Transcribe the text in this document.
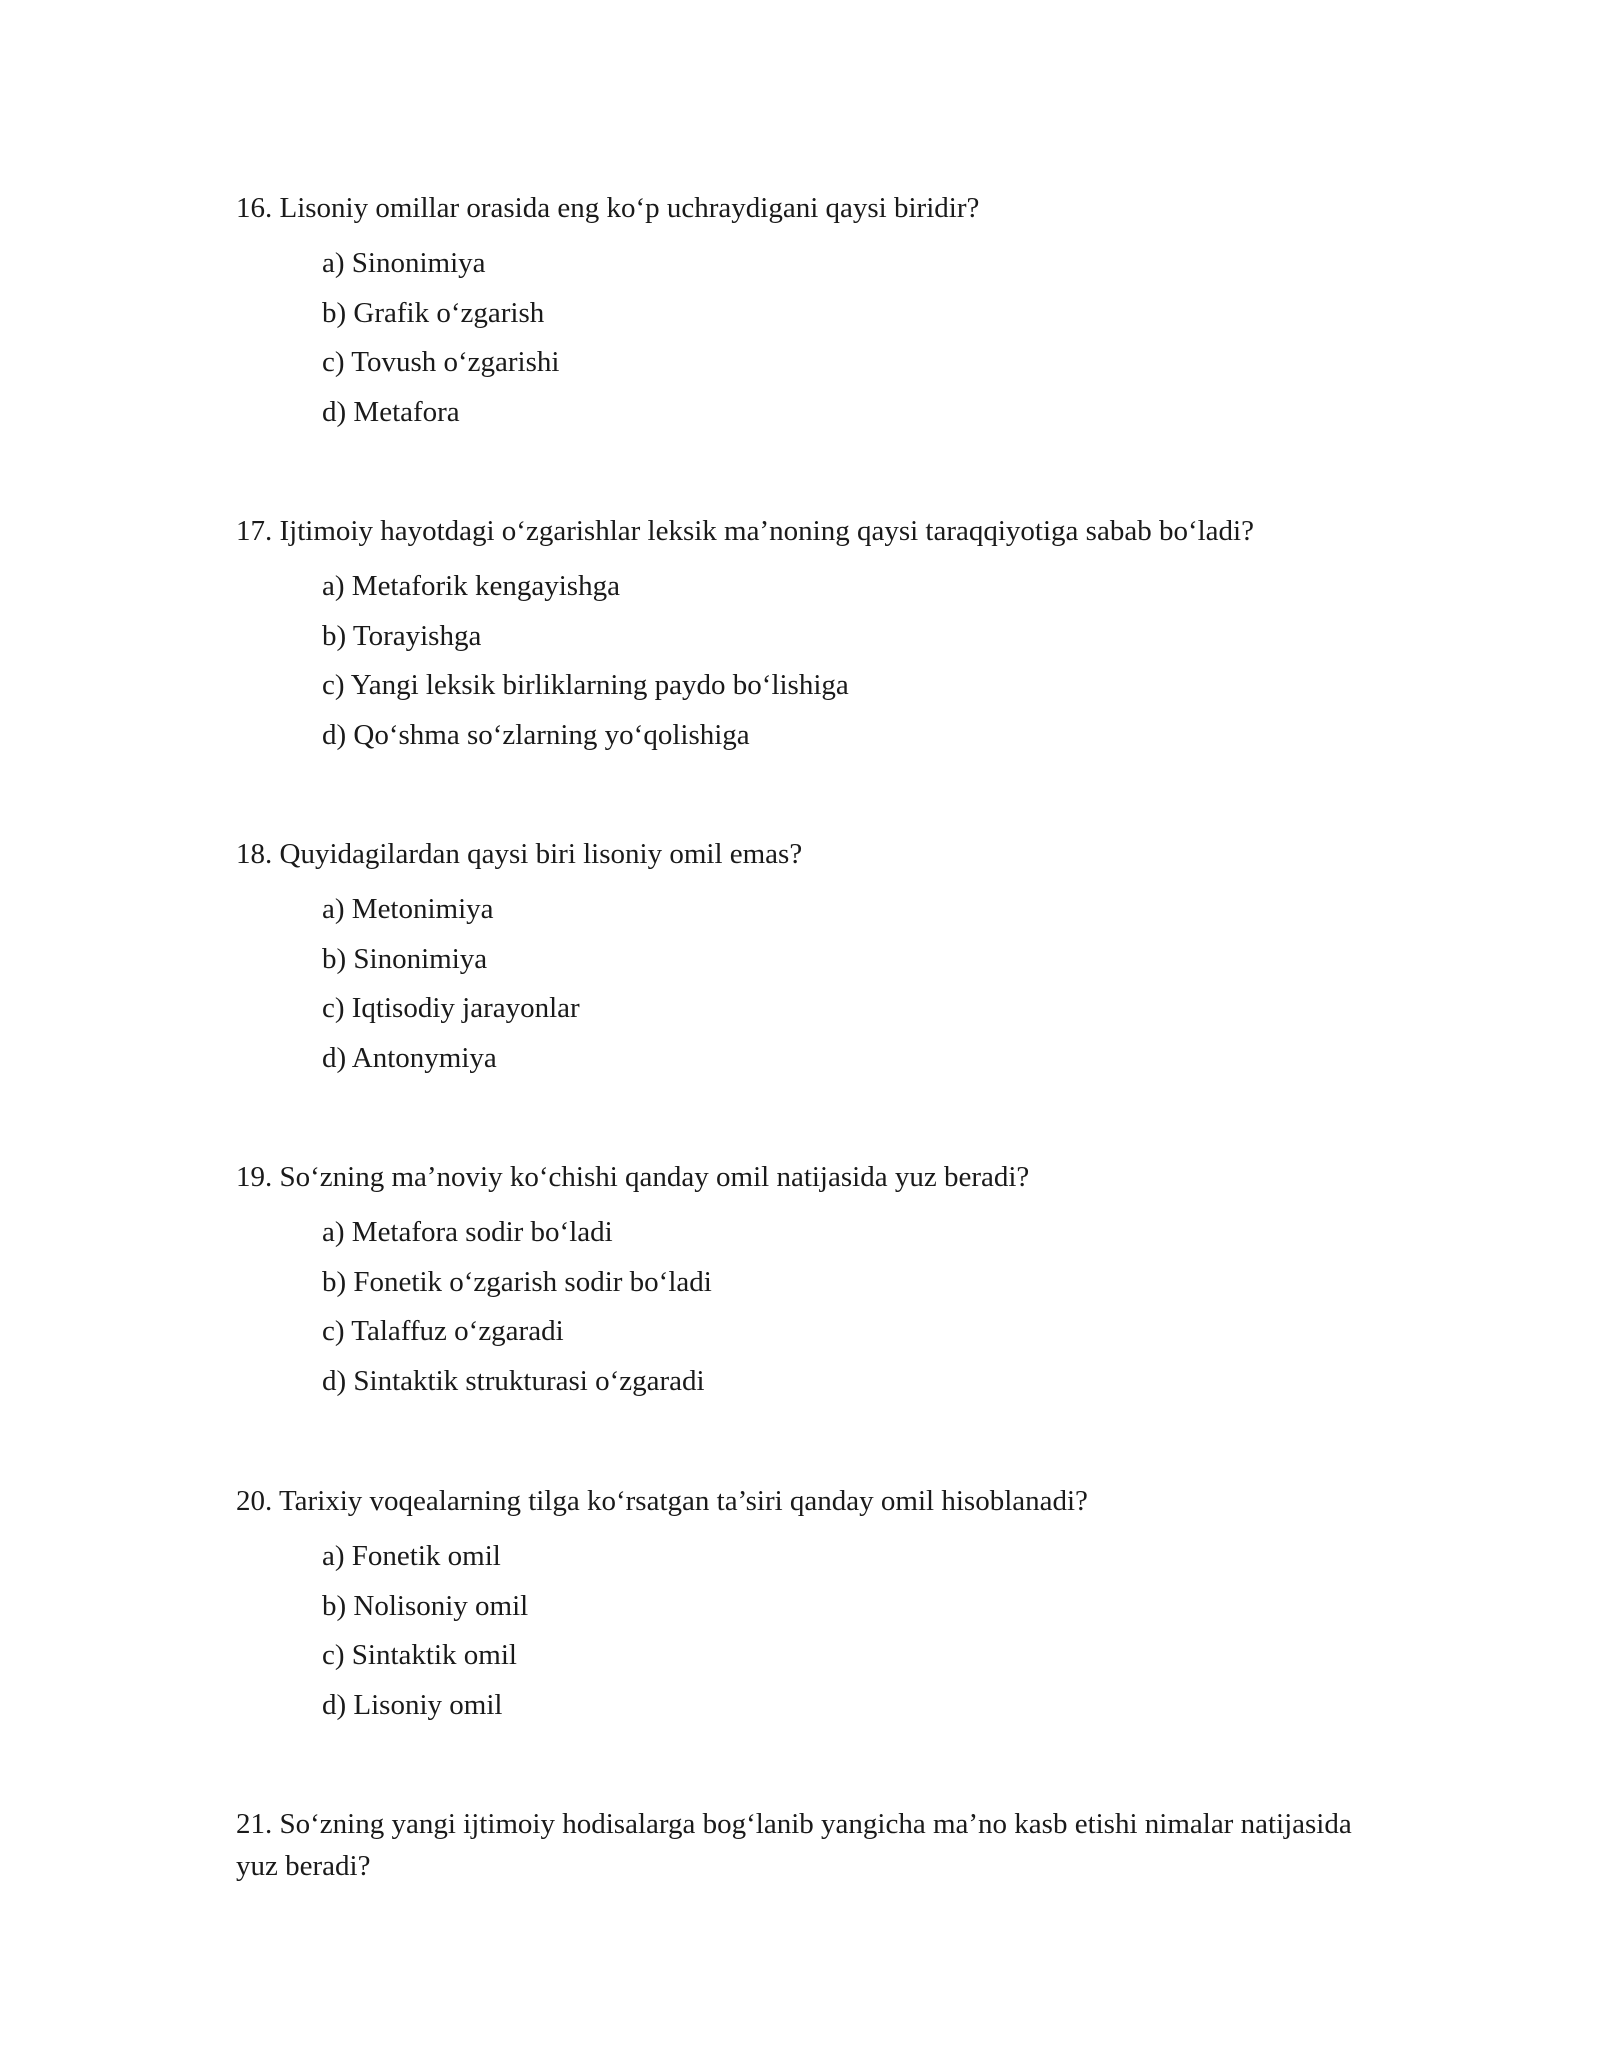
16. Lisoniy omillar orasida eng ko‘p uchraydigani qaysi biridir?

a) Sinonimiya
b) Grafik o‘zgarish
c) Tovush o‘zgarishi
d) Metafora

17. Ijtimoiy hayotdagi o‘zgarishlar leksik ma’noning qaysi taraqqiyotiga sabab bo‘ladi?

a) Metaforik kengayishga
b) Torayishga
c) Yangi leksik birliklarning paydo bo‘lishiga
d) Qo‘shma so‘zlarning yo‘qolishiga

18. Quyidagilardan qaysi biri lisoniy omil emas?

a) Metonimiya
b) Sinonimiya
c) Iqtisodiy jarayonlar
d) Antonymiya

19. So‘zning ma’noviy ko‘chishi qanday omil natijasida yuz beradi?

a) Metafora sodir bo‘ladi
b) Fonetik o‘zgarish sodir bo‘ladi
c) Talaffuz o‘zgaradi
d) Sintaktik strukturasi o‘zgaradi

20. Tarixiy voqealarning tilga ko‘rsatgan ta’siri qanday omil hisoblanadi?

a) Fonetik omil
b) Nolisoniy omil
c) Sintaktik omil
d) Lisoniy omil

21. So‘zning yangi ijtimoiy hodisalarga bog‘lanib yangicha ma’no kasb etishi nimalar natijasida yuz beradi?
